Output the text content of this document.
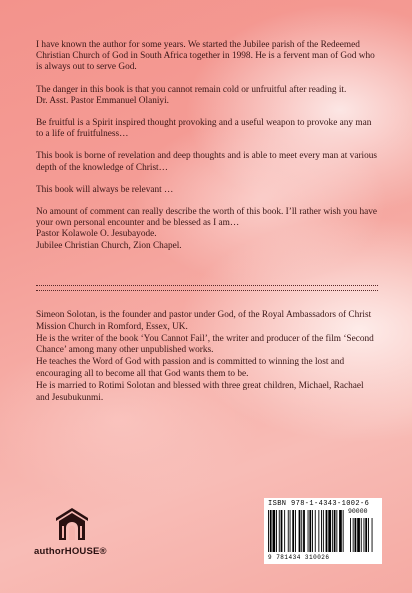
I have known the author for some years. We started the Jubilee parish of the Redeemed Christian Church of God in South Africa together in 1998. He is a fervent man of God who is always out to serve God.

The danger in this book is that you cannot remain cold or unfruitful after reading it.
Dr. Asst. Pastor Emmanuel Olaniyi.

Be fruitful is a Spirit inspired thought provoking and a useful weapon to provoke any man to a life of fruitfulness…

This book is borne of revelation and deep thoughts and is able to meet every man at various depth of the knowledge of Christ…

This book will always be relevant …

No amount of comment can really describe the worth of this book. I’ll rather wish you have your own personal encounter and be blessed as I am…
Pastor Kolawole O. Jesubayode.
Jubilee Christian Church, Zion Chapel.

Simeon Solotan, is the founder and pastor under God, of the Royal Ambassadors of Christ Mission Church in Romford, Essex, UK.
He is the writer of the book ‘You Cannot Fail’, the writer and producer of the film ‘Second Chance’ among many other unpublished works.
He teaches the Word of God with passion and is committed to winning the lost and encouraging all to become all that God wants them to be.
He is married to Rotimi Solotan and blessed with three great children, Michael, Rachael and Jesubukunmi.
authorHOUSE®
ISBN 978-1-4343-1002-6
90000
9 781434 310026
